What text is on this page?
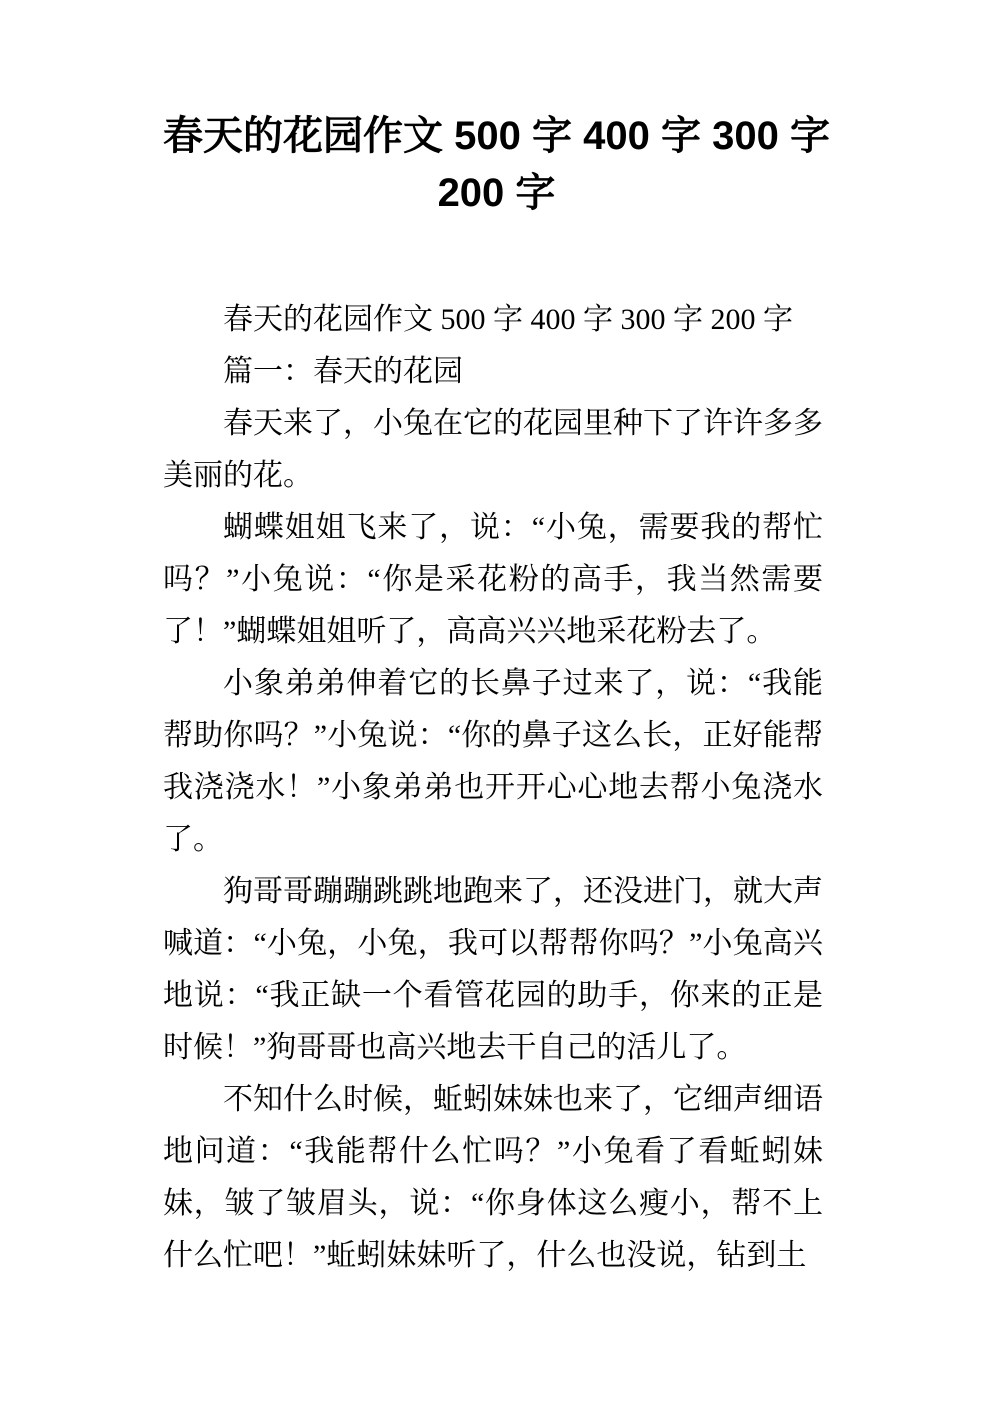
春天的花园作文 500 字 400 字 300 字
200 字

春天的花园作文 500 字 400 字 300 字 200 字

篇一：春天的花园

春天来了，小兔在它的花园里种下了许许多多美丽的花。

蝴蝶姐姐飞来了，说：“小兔，需要我的帮忙吗？”小兔说：“你是采花粉的高手，我当然需要了！”蝴蝶姐姐听了，高高兴兴地采花粉去了。

小象弟弟伸着它的长鼻子过来了，说：“我能帮助你吗？”小兔说：“你的鼻子这么长，正好能帮我浇浇水！”小象弟弟也开开心心地去帮小兔浇水了。

狗哥哥蹦蹦跳跳地跑来了，还没进门，就大声喊道：“小兔，小兔，我可以帮帮你吗？”小兔高兴地说：“我正缺一个看管花园的助手，你来的正是时候！”狗哥哥也高兴地去干自己的活儿了。

不知什么时候，蚯蚓妹妹也来了，它细声细语地问道：“我能帮什么忙吗？”小兔看了看蚯蚓妹妹，皱了皱眉头，说：“你身体这么瘦小，帮不上什么忙吧！”蚯蚓妹妹听了，什么也没说，钻到土
